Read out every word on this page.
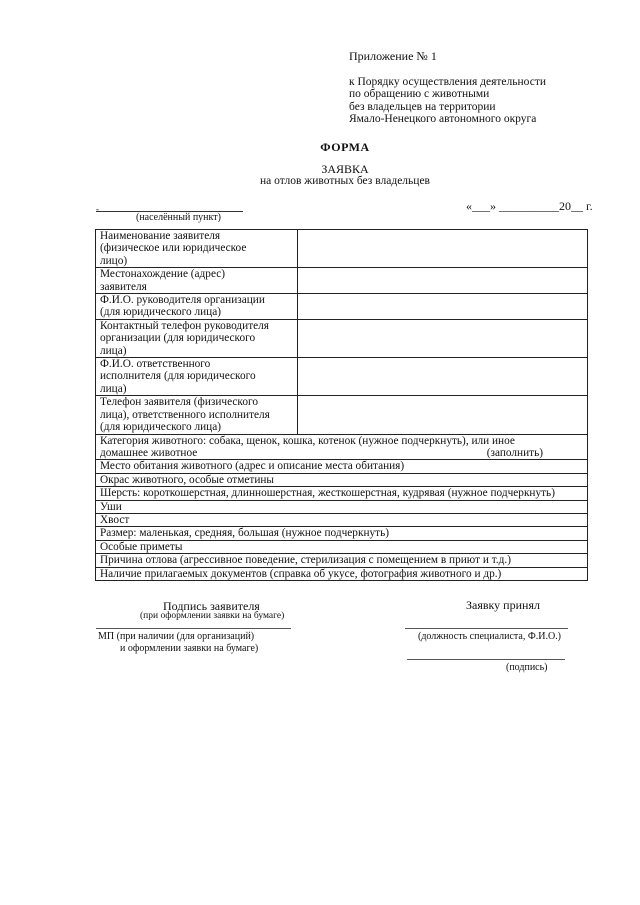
Приложение № 1
к Порядку осуществления деятельности
по обращению с животными
без владельцев на территории
Ямало-Ненецкого автономного округа
ФОРМА
ЗАЯВКА
на отлов животных без владельцев
-
(населённый пункт)
«___» __________20__ г.
Наименование заявителя
(физическое или юридическое
лицо)	

Местонахождение (адрес)
заявителя	

Ф.И.О. руководителя организации
(для юридического лица)	

Контактный телефон руководителя
организации (для юридического
лица)	

Ф.И.О. ответственного
исполнителя (для юридического
лица)	

Телефон заявителя (физического
лица), ответственного исполнителя
(для юридического лица)	

Категория животного: собака, щенок, кошка, котенок (нужное подчеркнуть), или иное
домашнее животное (заполнить)	

Место обитания животного (адрес и описание места обитания)	
Окрас животного, особые отметины	
Шерсть: короткошерстная, длинношерстная, жесткошерстная, кудрявая (нужное подчеркнуть)	
Уши	
Хвост	
Размер: маленькая, средняя, большая (нужное подчеркнуть)	
Особые приметы	
Причина отлова (агрессивное поведение, стерилизация с помещением в приют и т.д.)	
Наличие прилагаемых документов (справка об укусе, фотография животного и др.)	
Подпись заявителя
(при оформлении заявки на бумаге)
МП (при наличии (для организаций)
и оформлении заявки на бумаге)
Заявку принял
(должность специалиста, Ф.И.О.)
(подпись)
